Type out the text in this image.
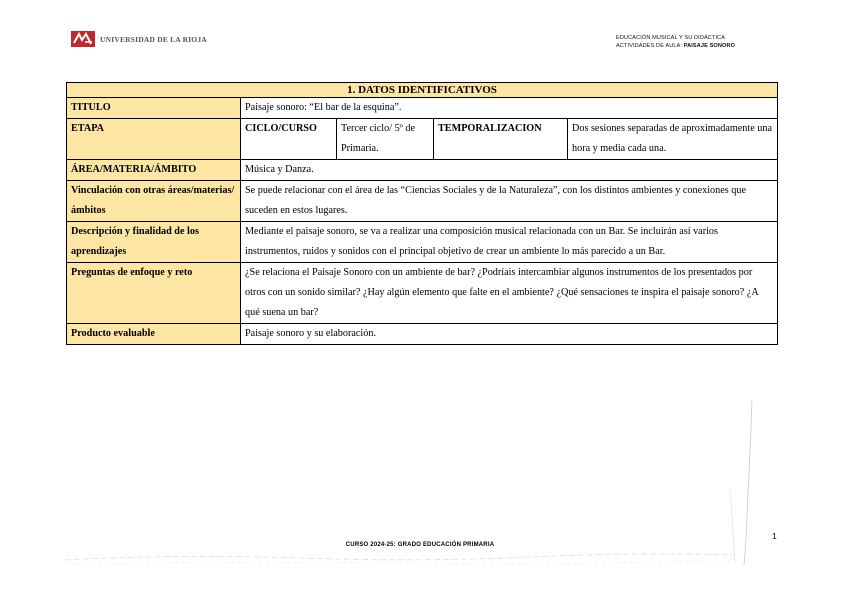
UNIVERSIDAD DE LA RIOJA	EDUCACIÓN MUSICAL Y SU DIDÁCTICA
ACTIVIDADES DE AULA: PAISAJE SONORO
1. DATOS IDENTIFICATIVOS				
TITULO	Paisaje sonoro: “El bar de la esquina”.			
ETAPA	CICLO/CURSO	Tercer ciclo/ 5º de Primaria.	TEMPORALIZACION	Dos sesiones separadas de aproximadamente una hora y media cada una.
ÁREA/MATERIA/ÁMBITO	Música y Danza.			
Vinculación con otras áreas/materias/ámbitos	Se puede relacionar con el área de las “Ciencias Sociales y de la Naturaleza”, con los distintos ambientes y conexiones que suceden en estos lugares.			
Descripción y finalidad de los aprendizajes	Mediante el paisaje sonoro, se va a realizar una composición musical relacionada con un Bar. Se incluirán así varios instrumentos, ruidos y sonidos con el principal objetivo de crear un ambiente lo más parecido a un Bar.			
Preguntas de enfoque y reto	¿Se relaciona el Paisaje Sonoro con un ambiente de bar? ¿Podríais intercambiar algunos instrumentos de los presentados por otros con un sonido similar? ¿Hay algún elemento que falte en el ambiente? ¿Qué sensaciones te inspira el paisaje sonoro? ¿A qué suena un bar?			
Producto evaluable	Paisaje sonoro y su elaboración.			
1
CURSO 2024-25: GRADO EDUCACIÓN PRIMARIA
